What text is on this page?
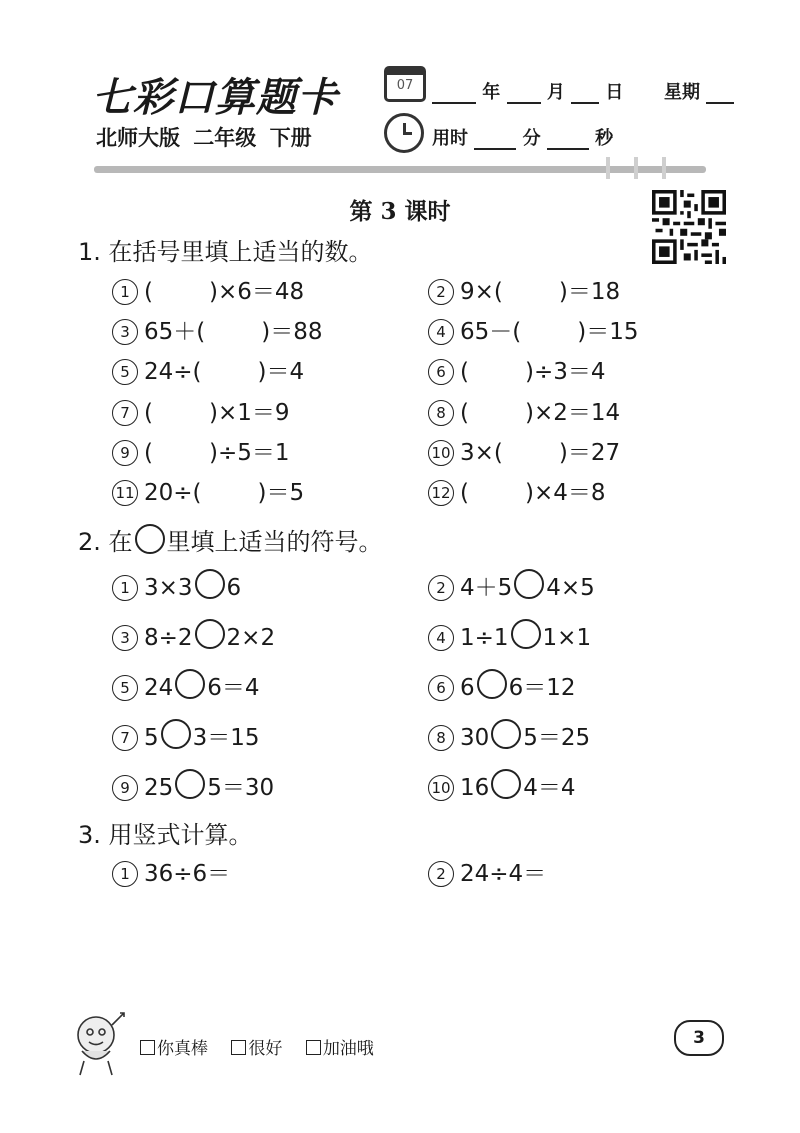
七彩口算题卡
北师大版 二年级 下册
07	年	月 日 星期
用时	分	秒
第 3 课时
1. 在括号里填上适当的数。
1 ( )×6＝48	2 9×( )＝18
3 65＋( )＝88	4 65－( )＝15
5 24÷( )＝4	6 ( )÷3＝4
7 ( )×1＝9	8 ( )×2＝14
9 ( )÷5＝1	10 3×( )＝27
11 20÷( )＝5	12 ( )×4＝8
2. 在 里填上适当的符号。
1 3×3 6	2 4＋5 4×5
3 8÷2 2×2	4 1÷1 1×1
5 24 6＝4	6 6 6＝12
7 5 3＝15	8 30 5＝25
9 25 5＝30	10 16 4＝4
3. 用竖式计算。
1 36÷6＝	2 24÷4＝
你真棒 很好 加油哦
3
